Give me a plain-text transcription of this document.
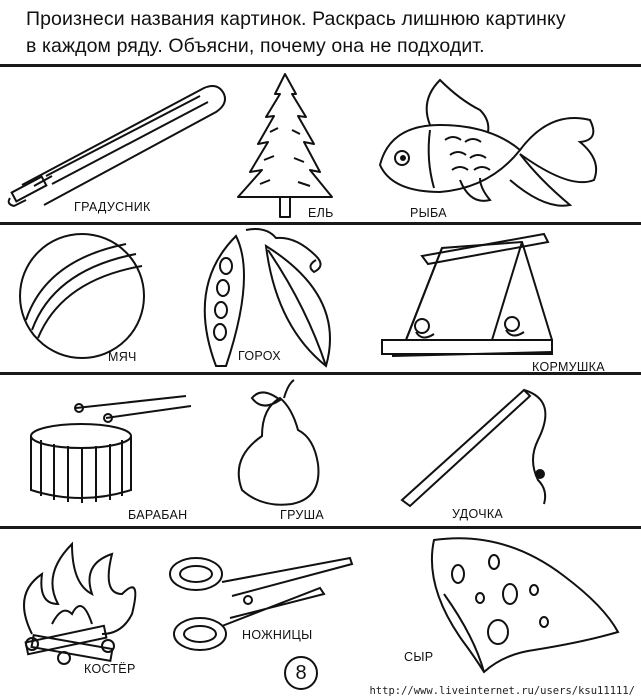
Произнеси названия картинок. Раскрась лишнюю картинку
в каждом ряду. Объясни, почему она не подходит.
ГРАДУСНИК	ЕЛЬ	РЫБА
МЯЧ	ГОРОХ
КОРМУШКА
БАРАБАН	ГРУША	УДОЧКА
КОСТЁР
НОЖНИЦЫ
СЫР
8
http://www.liveinternet.ru/users/ksu11111/
